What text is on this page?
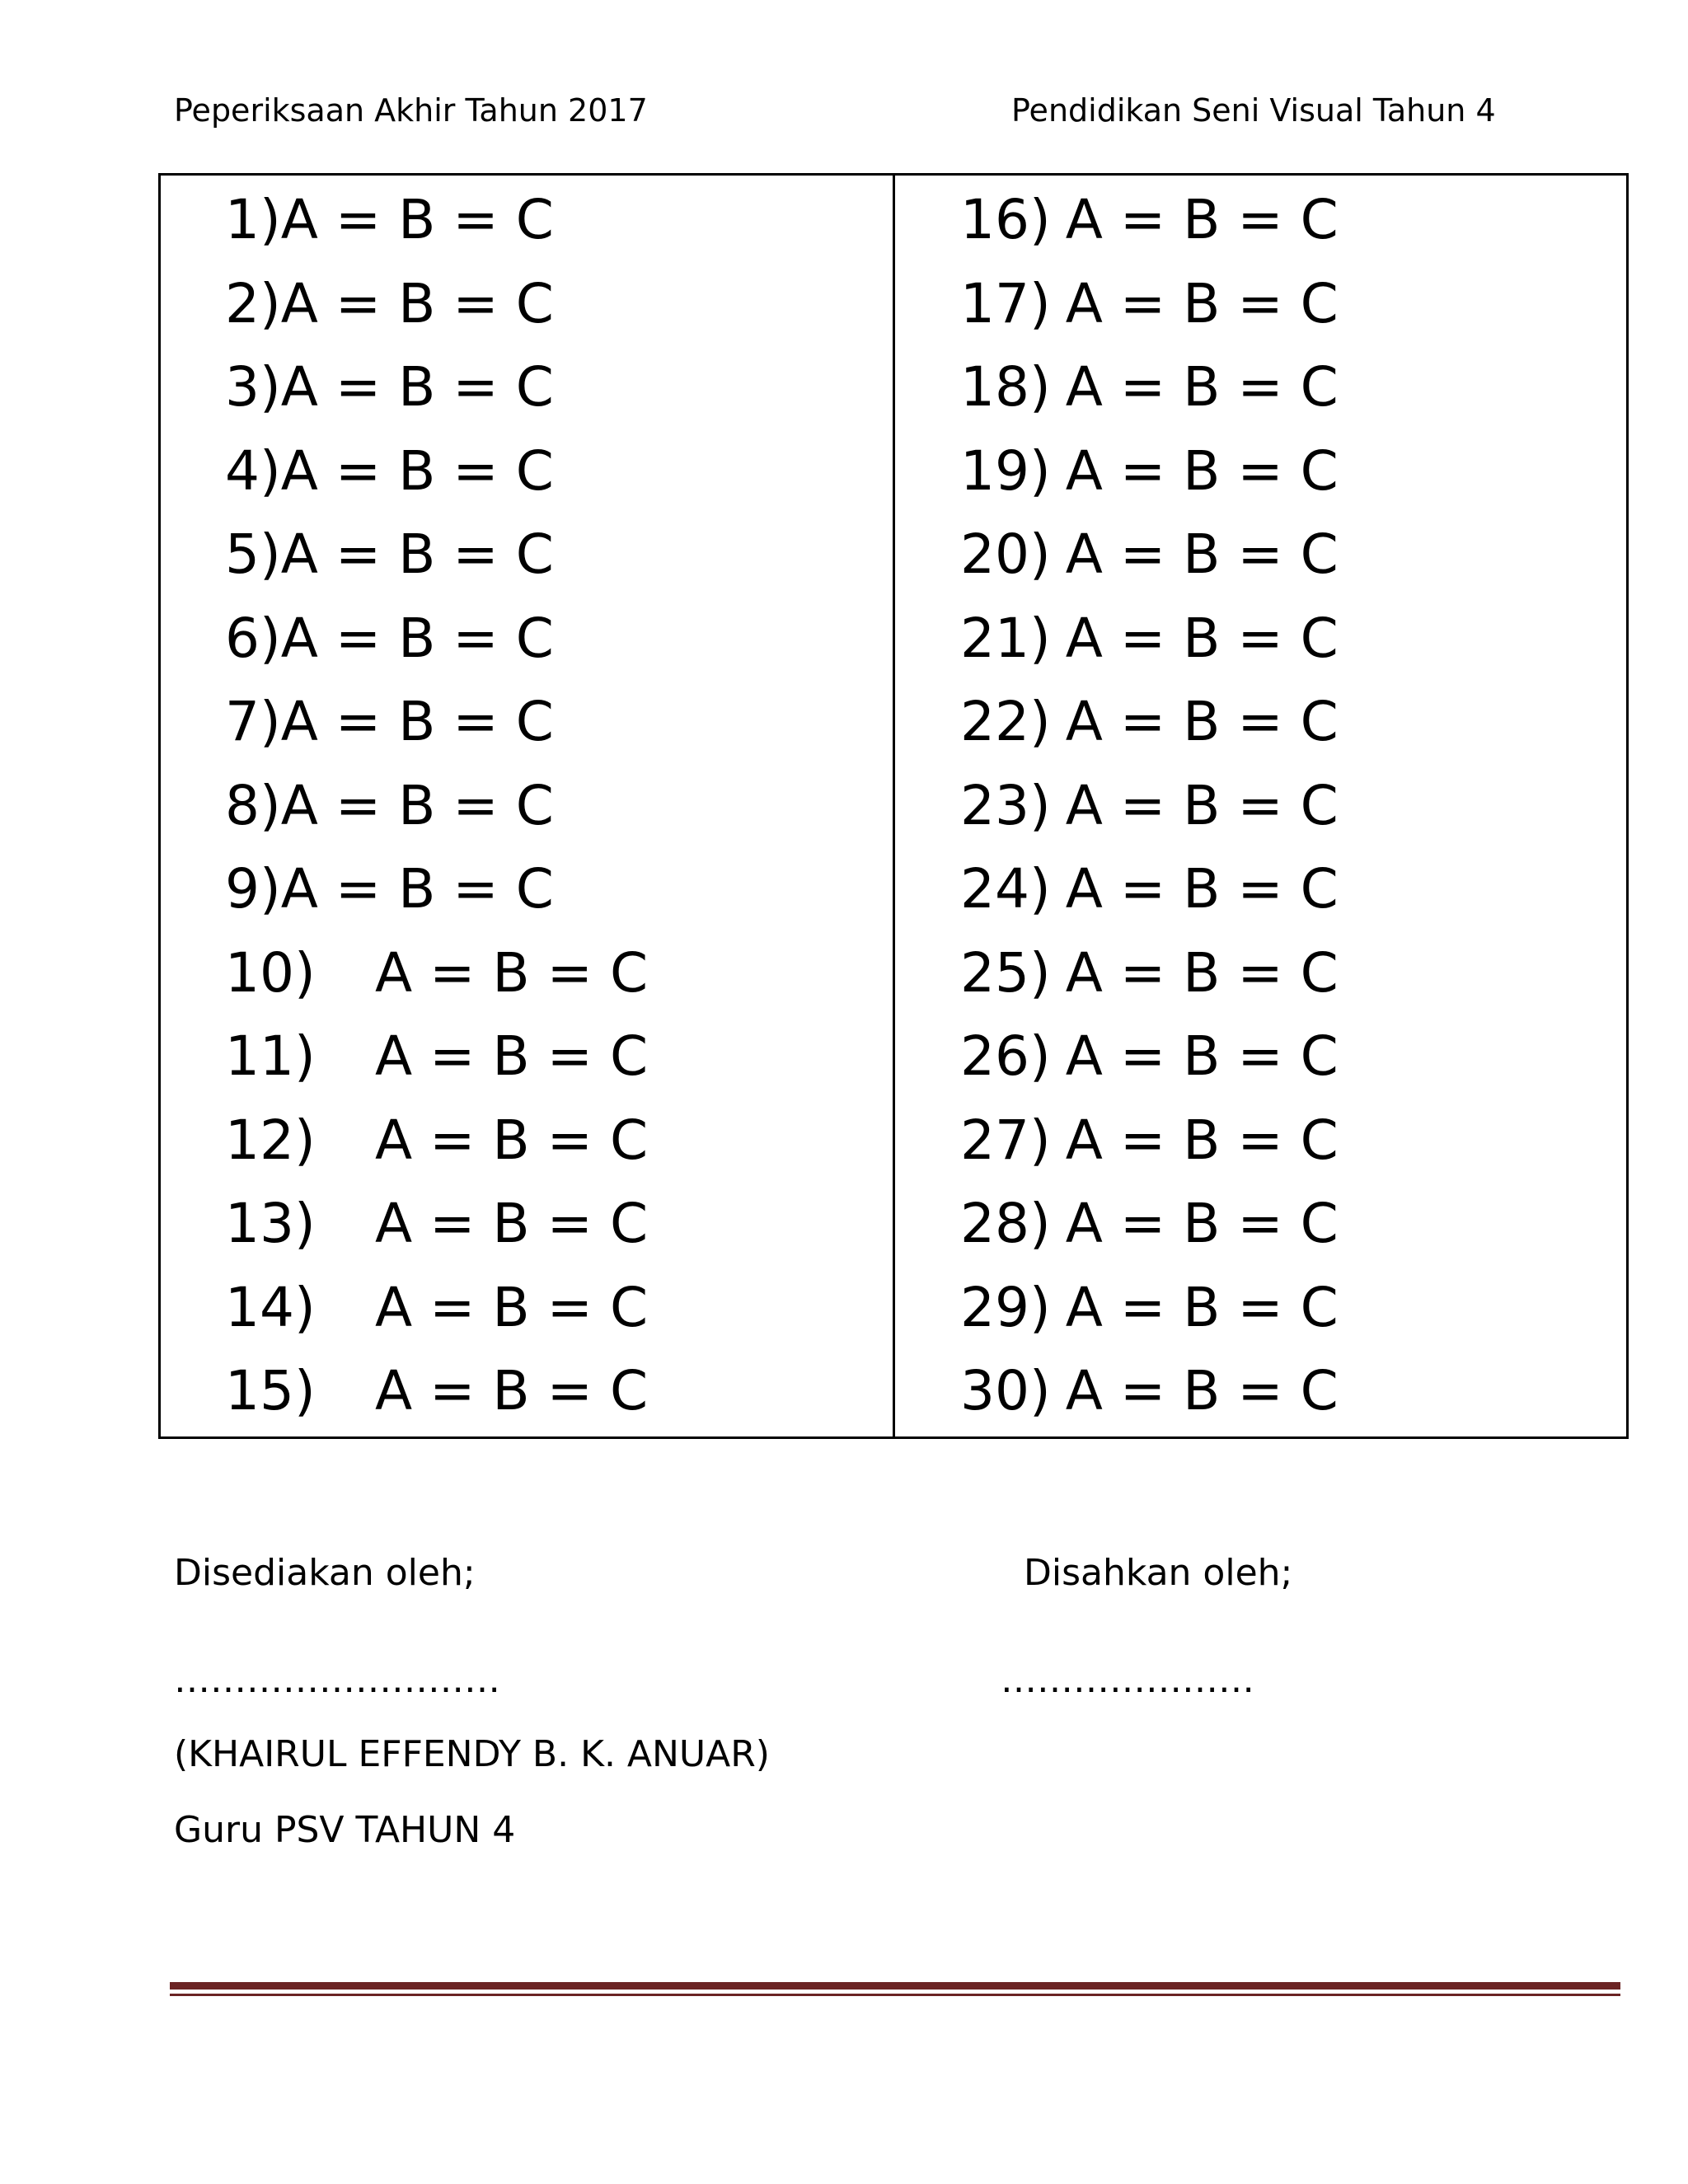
Peperiksaan Akhir Tahun 2017	Pendidikan Seni Visual Tahun 4
1)A = B = C
2)A = B = C
3)A = B = C
4)A = B = C
5)A = B = C
6)A = B = C
7)A = B = C
8)A = B = C
9)A = B = C
10) A = B = C
11) A = B = C
12) A = B = C
13) A = B = C
14) A = B = C
15) A = B = C
16) A = B = C
17) A = B = C
18) A = B = C
19) A = B = C
20) A = B = C
21) A = B = C
22) A = B = C
23) A = B = C
24) A = B = C
25) A = B = C
26) A = B = C
27) A = B = C
28) A = B = C
29) A = B = C
30) A = B = C
Disediakan oleh;	Disahkan oleh;
………………………	…………………
(KHAIRUL EFFENDY B. K. ANUAR)
Guru PSV TAHUN 4
